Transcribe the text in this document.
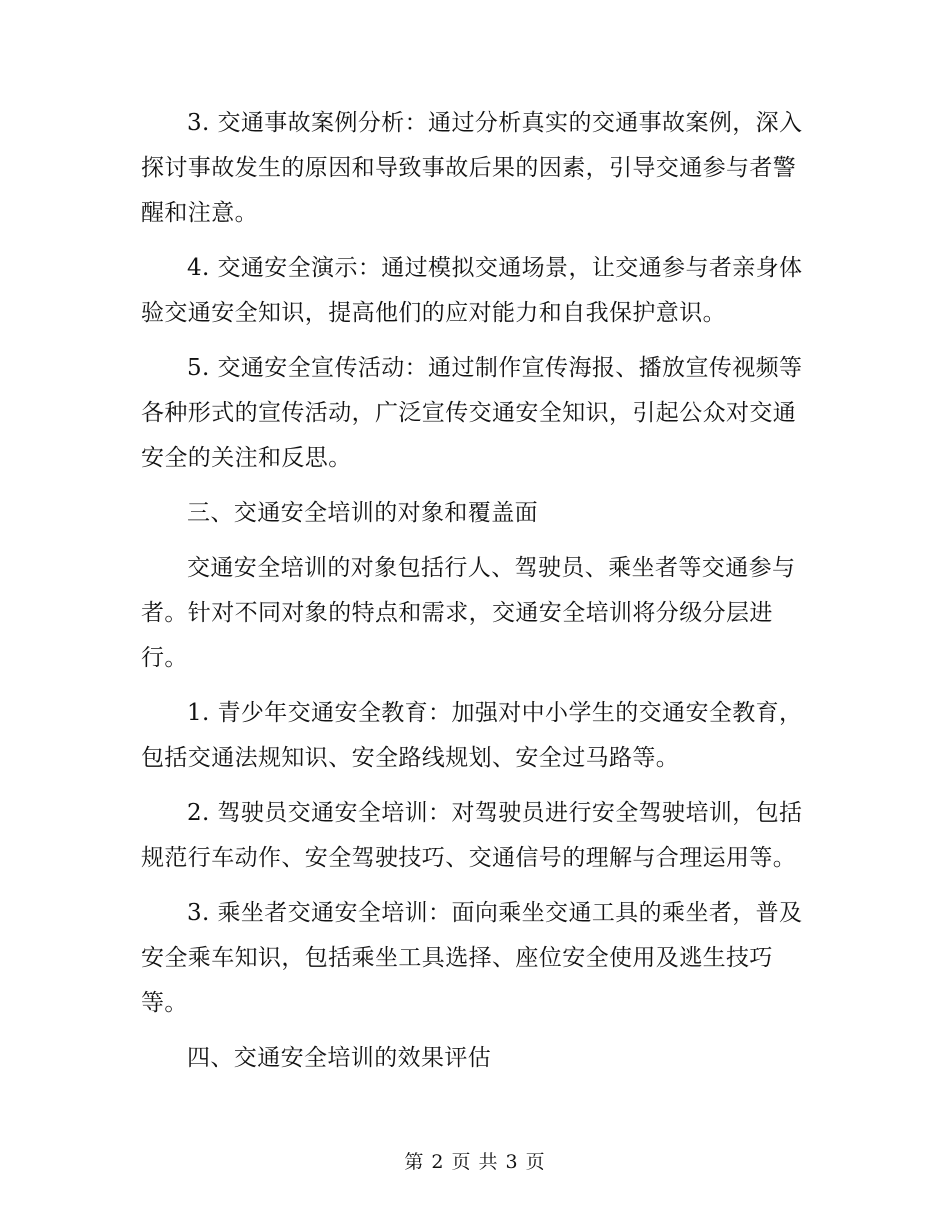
3. 交通事故案例分析：通过分析真实的交通事故案例，深入探讨事故发生的原因和导致事故后果的因素，引导交通参与者警醒和注意。

4. 交通安全演示：通过模拟交通场景，让交通参与者亲身体验交通安全知识，提高他们的应对能力和自我保护意识。

5. 交通安全宣传活动：通过制作宣传海报、播放宣传视频等各种形式的宣传活动，广泛宣传交通安全知识，引起公众对交通安全的关注和反思。

三、交通安全培训的对象和覆盖面

交通安全培训的对象包括行人、驾驶员、乘坐者等交通参与者。针对不同对象的特点和需求，交通安全培训将分级分层进行。

1. 青少年交通安全教育：加强对中小学生的交通安全教育，包括交通法规知识、安全路线规划、安全过马路等。

2. 驾驶员交通安全培训：对驾驶员进行安全驾驶培训，包括规范行车动作、安全驾驶技巧、交通信号的理解与合理运用等。

3. 乘坐者交通安全培训：面向乘坐交通工具的乘坐者，普及安全乘车知识，包括乘坐工具选择、座位安全使用及逃生技巧等。

四、交通安全培训的效果评估

第 2 页 共 3 页
